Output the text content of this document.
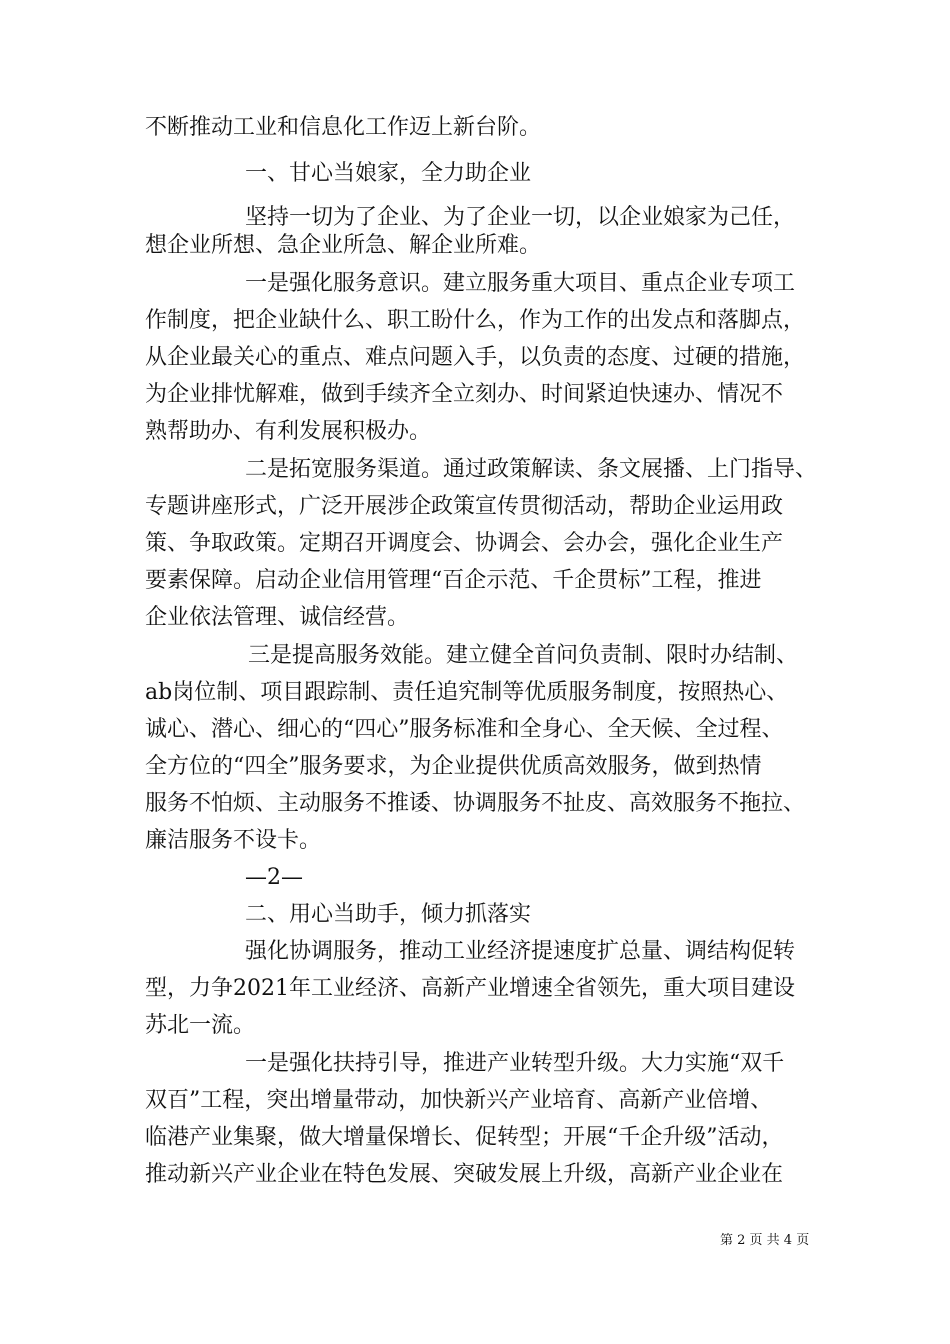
不断推动工业和信息化工作迈上新台阶。
一、甘心当娘家，全力助企业
坚持一切为了企业、为了企业一切，以企业娘家为己任，
想企业所想、急企业所急、解企业所难。
一是强化服务意识。建立服务重大项目、重点企业专项工
作制度，把企业缺什么、职工盼什么，作为工作的出发点和落脚点，
从企业最关心的重点、难点问题入手，以负责的态度、过硬的措施，
为企业排忧解难，做到手续齐全立刻办、时间紧迫快速办、情况不
熟帮助办、有利发展积极办。
二是拓宽服务渠道。通过政策解读、条文展播、上门指导、
专题讲座形式，广泛开展涉企政策宣传贯彻活动，帮助企业运用政
策、争取政策。定期召开调度会、协调会、会办会，强化企业生产
要素保障。启动企业信用管理“百企示范、千企贯标”工程，推进
企业依法管理、诚信经营。
三是提高服务效能。建立健全首问负责制、限时办结制、
ab岗位制、项目跟踪制、责任追究制等优质服务制度，按照热心、
诚心、潜心、细心的“四心”服务标准和全身心、全天候、全过程、
全方位的“四全”服务要求，为企业提供优质高效服务，做到热情
服务不怕烦、主动服务不推诿、协调服务不扯皮、高效服务不拖拉、
廉洁服务不设卡。
—2—
二、用心当助手，倾力抓落实
强化协调服务，推动工业经济提速度扩总量、调结构促转
型，力争2021年工业经济、高新产业增速全省领先，重大项目建设
苏北一流。
一是强化扶持引导，推进产业转型升级。大力实施“双千
双百”工程，突出增量带动，加快新兴产业培育、高新产业倍增、
临港产业集聚，做大增量保增长、促转型；开展“千企升级”活动，
推动新兴产业企业在特色发展、突破发展上升级，高新产业企业在
第 2 页 共 4 页
